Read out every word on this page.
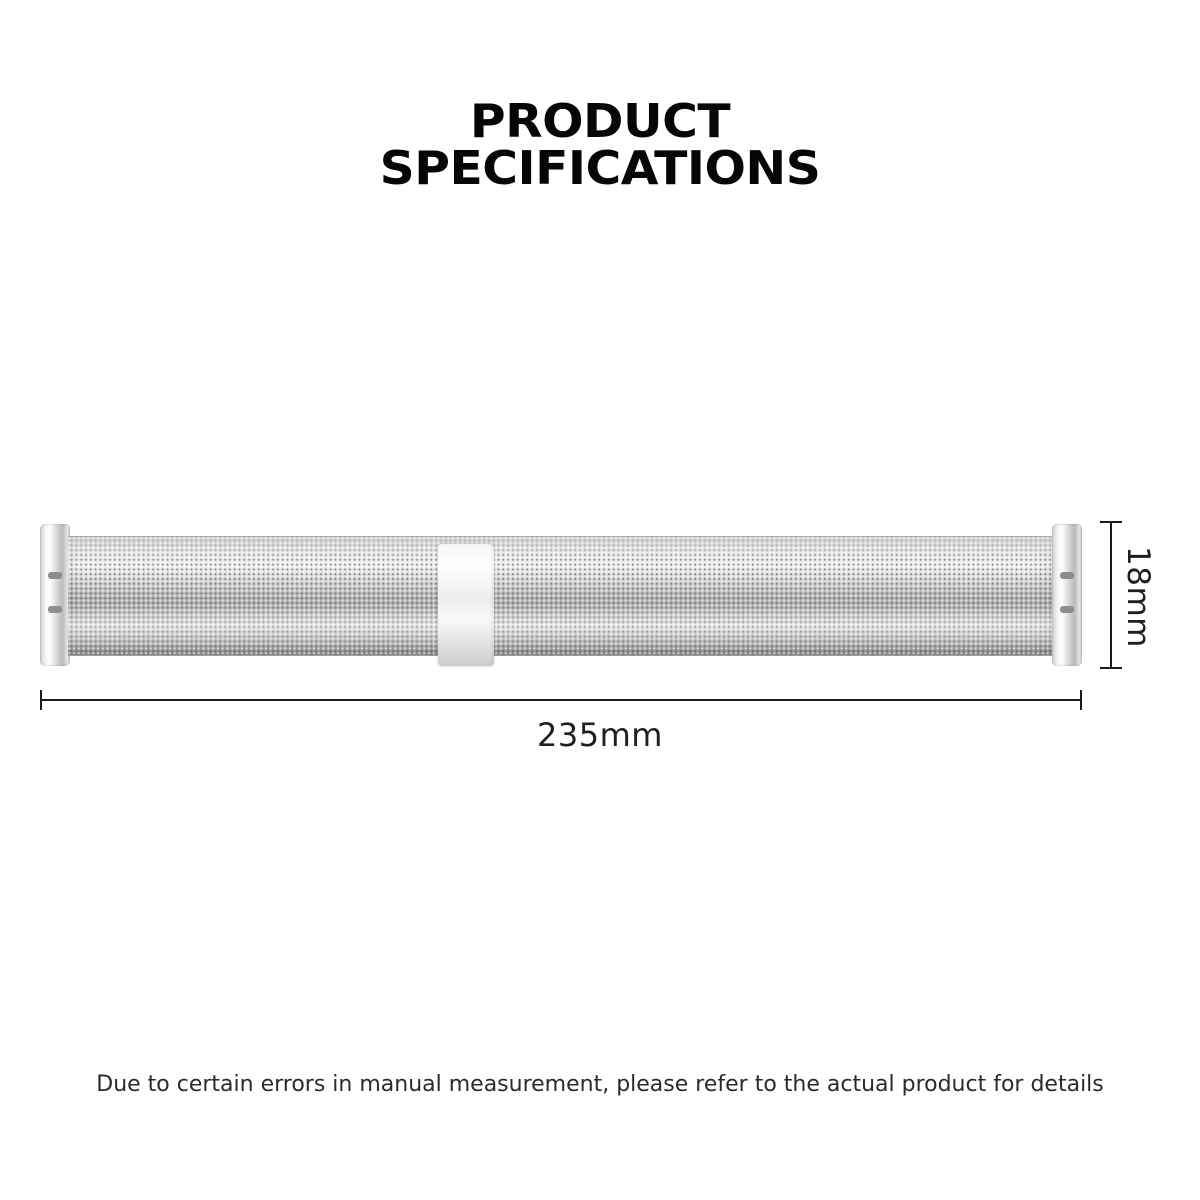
PRODUCT
SPECIFICATIONS
235mm
18mm
Due to certain errors in manual measurement, please refer to the actual product for details
